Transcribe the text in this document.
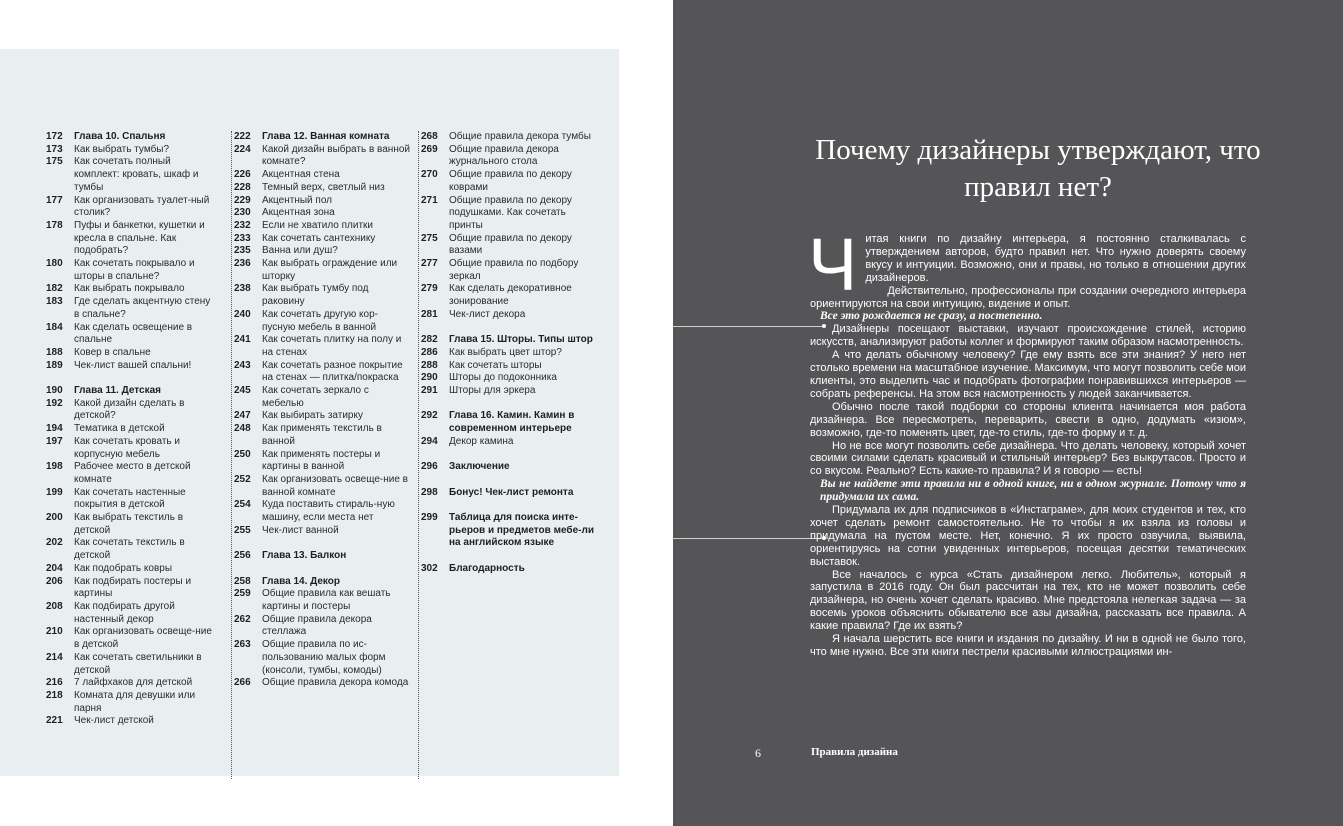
172	Глава 10. Спальня
173	Как выбрать тумбы?
175	Как сочетать полный комплект: кровать, шкаф и тумбы
177	Как организовать туалет-ный столик?
178	Пуфы и банкетки, кушетки и кресла в спальне. Как подобрать?
180	Как сочетать покрывало и шторы в спальне?
182	Как выбрать покрывало
183	Где сделать акцентную стену в спальне?
184	Как сделать освещение в спальне
188	Ковер в спальне
189	Чек-лист вашей спальни!
190	Глава 11. Детская
192	Какой дизайн сделать в детской?
194	Тематика в детской
197	Как сочетать кровать и корпусную мебель
198	Рабочее место в детской комнате
199	Как сочетать настенные покрытия в детской
200	Как выбрать текстиль в детской
202	Как сочетать текстиль в детской
204	Как подобрать ковры
206	Как подбирать постеры и картины
208	Как подбирать другой настенный декор
210	Как организовать освеще-ние в детской
214	Как сочетать светильники в детской
216	7 лайфхаков для детской
218	Комната для девушки или парня
221	Чек-лист детской
222	Глава 12. Ванная комната
224	Какой дизайн выбрать в ванной комнате?
226	Акцентная стена
228	Темный верх, светлый низ
229	Акцентный пол
230	Акцентная зона
232	Если не хватило плитки
233	Как сочетать сантехнику
235	Ванна или душ?
236	Как выбрать ограждение или шторку
238	Как выбрать тумбу под раковину
240	Как сочетать другую кор-пусную мебель в ванной
241	Как сочетать плитку на полу и на стенах
243	Как сочетать разное покрытие на стенах — плитка/покраска
245	Как сочетать зеркало с мебелью
247	Как выбирать затирку
248	Как применять текстиль в ванной
250	Как применять постеры и картины в ванной
252	Как организовать освеще-ние в ванной комнате
254	Куда поставить стираль-ную машину, если места нет
255	Чек-лист ванной
256	Глава 13. Балкон
258	Глава 14. Декор
259	Общие правила как вешать картины и постеры
262	Общие правила декора стеллажа
263	Общие правила по ис-пользованию малых форм (консоли, тумбы, комоды)
266	Общие правила декора комода
268	Общие правила декора тумбы
269	Общие правила декора журнального стола
270	Общие правила по декору коврами
271	Общие правила по декору подушками. Как сочетать принты
275	Общие правила по декору вазами
277	Общие правила по подбору зеркал
279	Как сделать декоративное зонирование
281	Чек-лист декора
282	Глава 15. Шторы. Типы штор
286	Как выбрать цвет штор?
288	Как сочетать шторы
290	Шторы до подоконника
291	Шторы для эркера
292	Глава 16. Камин. Камин в современном интерьере
294	Декор камина
296	Заключение
298	Бонус! Чек-лист ремонта
299	Таблица для поиска инте-рьеров и предметов мебе-ли на английском языке
302	Благодарность
Почему дизайнеры утверждают, что правил нет?

Читая книги по дизайну интерьера, я постоянно сталкивалась с утверждением авторов, будто правил нет. Что нужно доверять своему вкусу и интуиции. Возможно, они и правы, но только в отношении других дизайнеров.

Действительно, профессионалы при создании очередного интерьера ориентируются на свои интуицию, видение и опыт.

Все это рождается не сразу, а постепенно.

Дизайнеры посещают выставки, изучают происхождение стилей, историю искусств, анализируют работы коллег и формируют таким образом насмотренность.

А что делать обычному человеку? Где ему взять все эти знания? У него нет столько времени на масштабное изучение. Максимум, что могут позволить себе мои клиенты, это выделить час и подобрать фотографии понравившихся интерьеров — собрать референсы. На этом вся насмотренность у людей заканчивается.

Обычно после такой подборки со стороны клиента начинается моя работа дизайнера. Все пересмотреть, переварить, свести в одно, додумать «изюм», возможно, где-то поменять цвет, где-то стиль, где-то форму и т. д.

Но не все могут позволить себе дизайнера. Что делать человеку, который хочет своими силами сделать красивый и стильный интерьер? Без выкрутасов. Просто и со вкусом. Реально? Есть какие-то правила? И я говорю — есть!

Вы не найдете эти правила ни в одной книге, ни в одном журнале. Потому что я придумала их сама.

Придумала их для подписчиков в «Инстаграме», для моих студентов и тех, кто хочет сделать ремонт самостоятельно. Не то чтобы я их взяла из головы и придумала на пустом месте. Нет, конечно. Я их просто озвучила, выявила, ориентируясь на сотни увиденных интерьеров, посещая десятки тематических выставок.

Все началось с курса «Стать дизайнером легко. Любитель», который я запустила в 2016 году. Он был рассчитан на тех, кто не может позволить себе дизайнера, но очень хочет сделать красиво. Мне предстояла нелегкая задача — за восемь уроков объяснить обывателю все азы дизайна, рассказать все правила. А какие правила? Где их взять?

Я начала шерстить все книги и издания по дизайну. И ни в одной не было того, что мне нужно. Все эти книги пестрели красивыми иллюстрациями ин-

6	Правила дизайна
